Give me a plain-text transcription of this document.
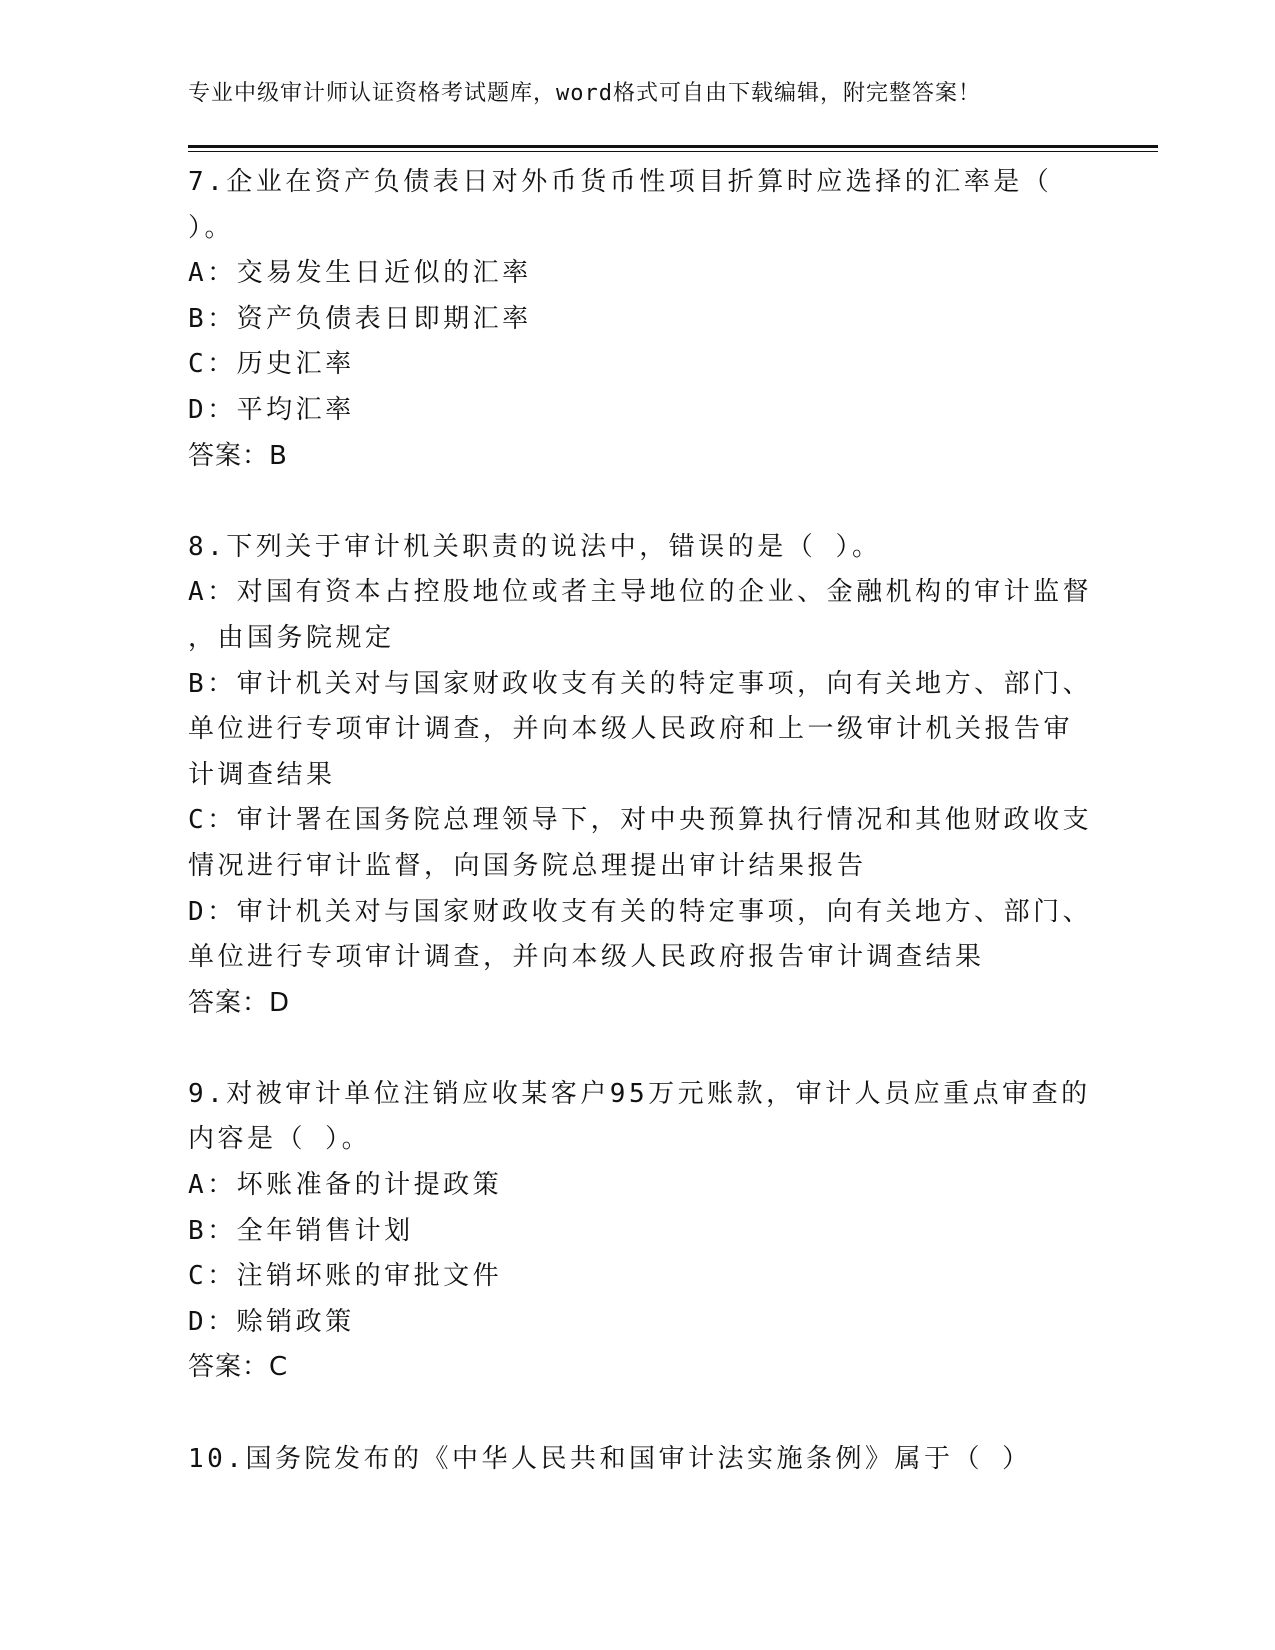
专业中级审计师认证资格考试题库，word格式可自由下载编辑，附完整答案！
7.企业在资产负债表日对外币货币性项目折算时应选择的汇率是（
）。
A：交易发生日近似的汇率
B：资产负债表日即期汇率
C：历史汇率
D：平均汇率
答案：B
8.下列关于审计机关职责的说法中，错误的是（ ）。
A：对国有资本占控股地位或者主导地位的企业、金融机构的审计监督
，由国务院规定
B：审计机关对与国家财政收支有关的特定事项，向有关地方、部门、
单位进行专项审计调查，并向本级人民政府和上一级审计机关报告审
计调查结果
C：审计署在国务院总理领导下，对中央预算执行情况和其他财政收支
情况进行审计监督，向国务院总理提出审计结果报告
D：审计机关对与国家财政收支有关的特定事项，向有关地方、部门、
单位进行专项审计调查，并向本级人民政府报告审计调查结果
答案：D
9.对被审计单位注销应收某客户95万元账款，审计人员应重点审查的
内容是（ ）。
A：坏账准备的计提政策
B：全年销售计划
C：注销坏账的审批文件
D：赊销政策
答案：C
10.国务院发布的《中华人民共和国审计法实施条例》属于（ ）
